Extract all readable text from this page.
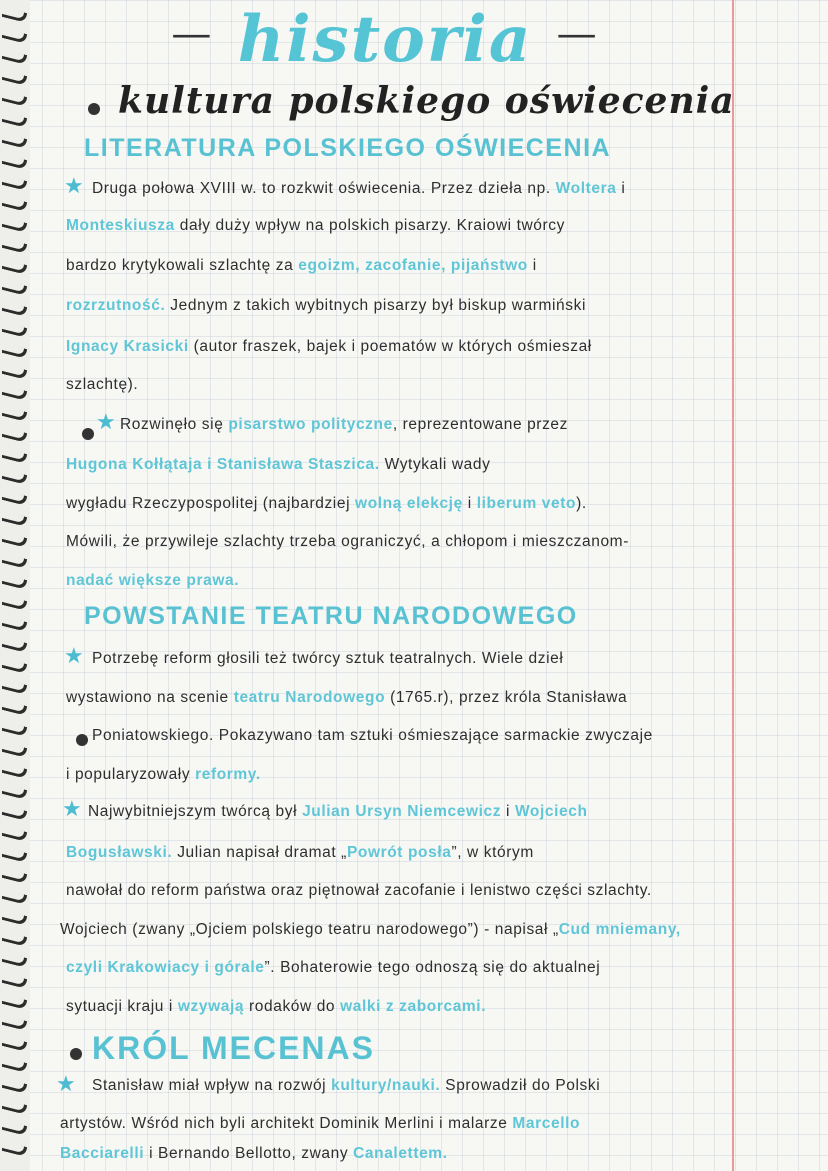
— historia —
kultura polskiego oświecenia
LITERATURA POLSKIEGO OŚWIECENIA
★ Druga połowa XVIII w. to rozkwit oświecenia. Przez dzieła np. Woltera i
Monteskiusza dały duży wpływ na polskich pisarzy. Kraiowi twórcy
bardzo krytykowali szlachtę za egoizm, zacofanie, pijaństwo i
rozrzutność. Jednym z takich wybitnych pisarzy był biskup warmiński
Ignacy Krasicki (autor fraszek, bajek i poematów w których ośmieszał
szlachtę).
★ Rozwinęło się pisarstwo polityczne, reprezentowane przez
Hugona Kołłątaja i Stanisława Staszica. Wytykali wady
wygładu Rzeczypospolitej (najbardziej wolną elekcję i liberum veto).
Mówili, że przywileje szlachty trzeba ograniczyć, a chłopom i mieszczanom-
nadać większe prawa.
POWSTANIE TEATRU NARODOWEGO
★ Potrzebę reform głosili też twórcy sztuk teatralnych. Wiele dzieł
wystawiono na scenie teatru Narodowego (1765.r), przez króla Stanisława
Poniatowskiego. Pokazywano tam sztuki ośmieszające sarmackie zwyczaje
i popularyzowały reformy.
★ Najwybitniejszym twórcą był Julian Ursyn Niemcewicz i Wojciech
Bogusławski. Julian napisał dramat „Powrót posła”, w którym
nawołał do reform państwa oraz piętnował zacofanie i lenistwo części szlachty.
Wojciech (zwany „Ojciem polskiego teatru narodowego”) - napisał „Cud mniemany,
czyli Krakowiacy i górale”. Bohaterowie tego odnoszą się do aktualnej
sytuacji kraju i wzywają rodaków do walki z zaborcami.
KRÓL MECENAS
★ Stanisław miał wpływ na rozwój kultury/nauki. Sprowadził do Polski
artystów. Wśród nich byli architekt Dominik Merlini i malarze Marcello
Bacciarelli i Bernando Bellotto, zwany Canalettem.
